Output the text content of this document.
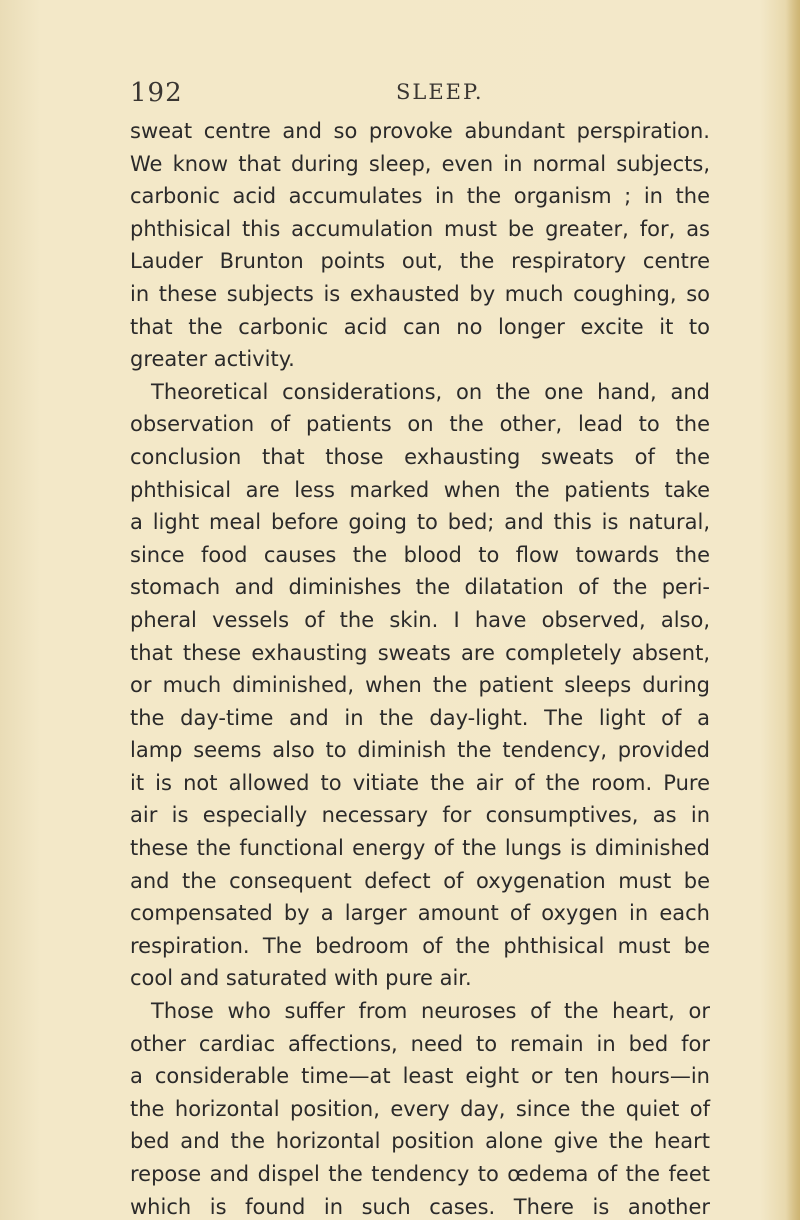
192	SLEEP.
sweat centre and so provoke abundant perspiration.
We know that during sleep, even in normal subjects,
carbonic acid accumulates in the organism ; in the
phthisical this accumulation must be greater, for, as
Lauder Brunton points out, the respiratory centre
in these subjects is exhausted by much coughing, so
that the carbonic acid can no longer excite it to
greater activity.
Theoretical considerations, on the one hand, and
observation of patients on the other, lead to the
conclusion that those exhausting sweats of the
phthisical are less marked when the patients take
a light meal before going to bed; and this is natural,
since food causes the blood to flow towards the
stomach and diminishes the dilatation of the peri-
pheral vessels of the skin. I have observed, also,
that these exhausting sweats are completely absent,
or much diminished, when the patient sleeps during
the day-time and in the day-light. The light of a
lamp seems also to diminish the tendency, provided
it is not allowed to vitiate the air of the room. Pure
air is especially necessary for consumptives, as in
these the functional energy of the lungs is diminished
and the consequent defect of oxygenation must be
compensated by a larger amount of oxygen in each
respiration. The bedroom of the phthisical must be
cool and saturated with pure air.
Those who suffer from neuroses of the heart, or
other cardiac affections, need to remain in bed for
a considerable time—at least eight or ten hours—in
the horizontal position, every day, since the quiet of
bed and the horizontal position alone give the heart
repose and dispel the tendency to œdema of the feet
which is found in such cases. There is another
